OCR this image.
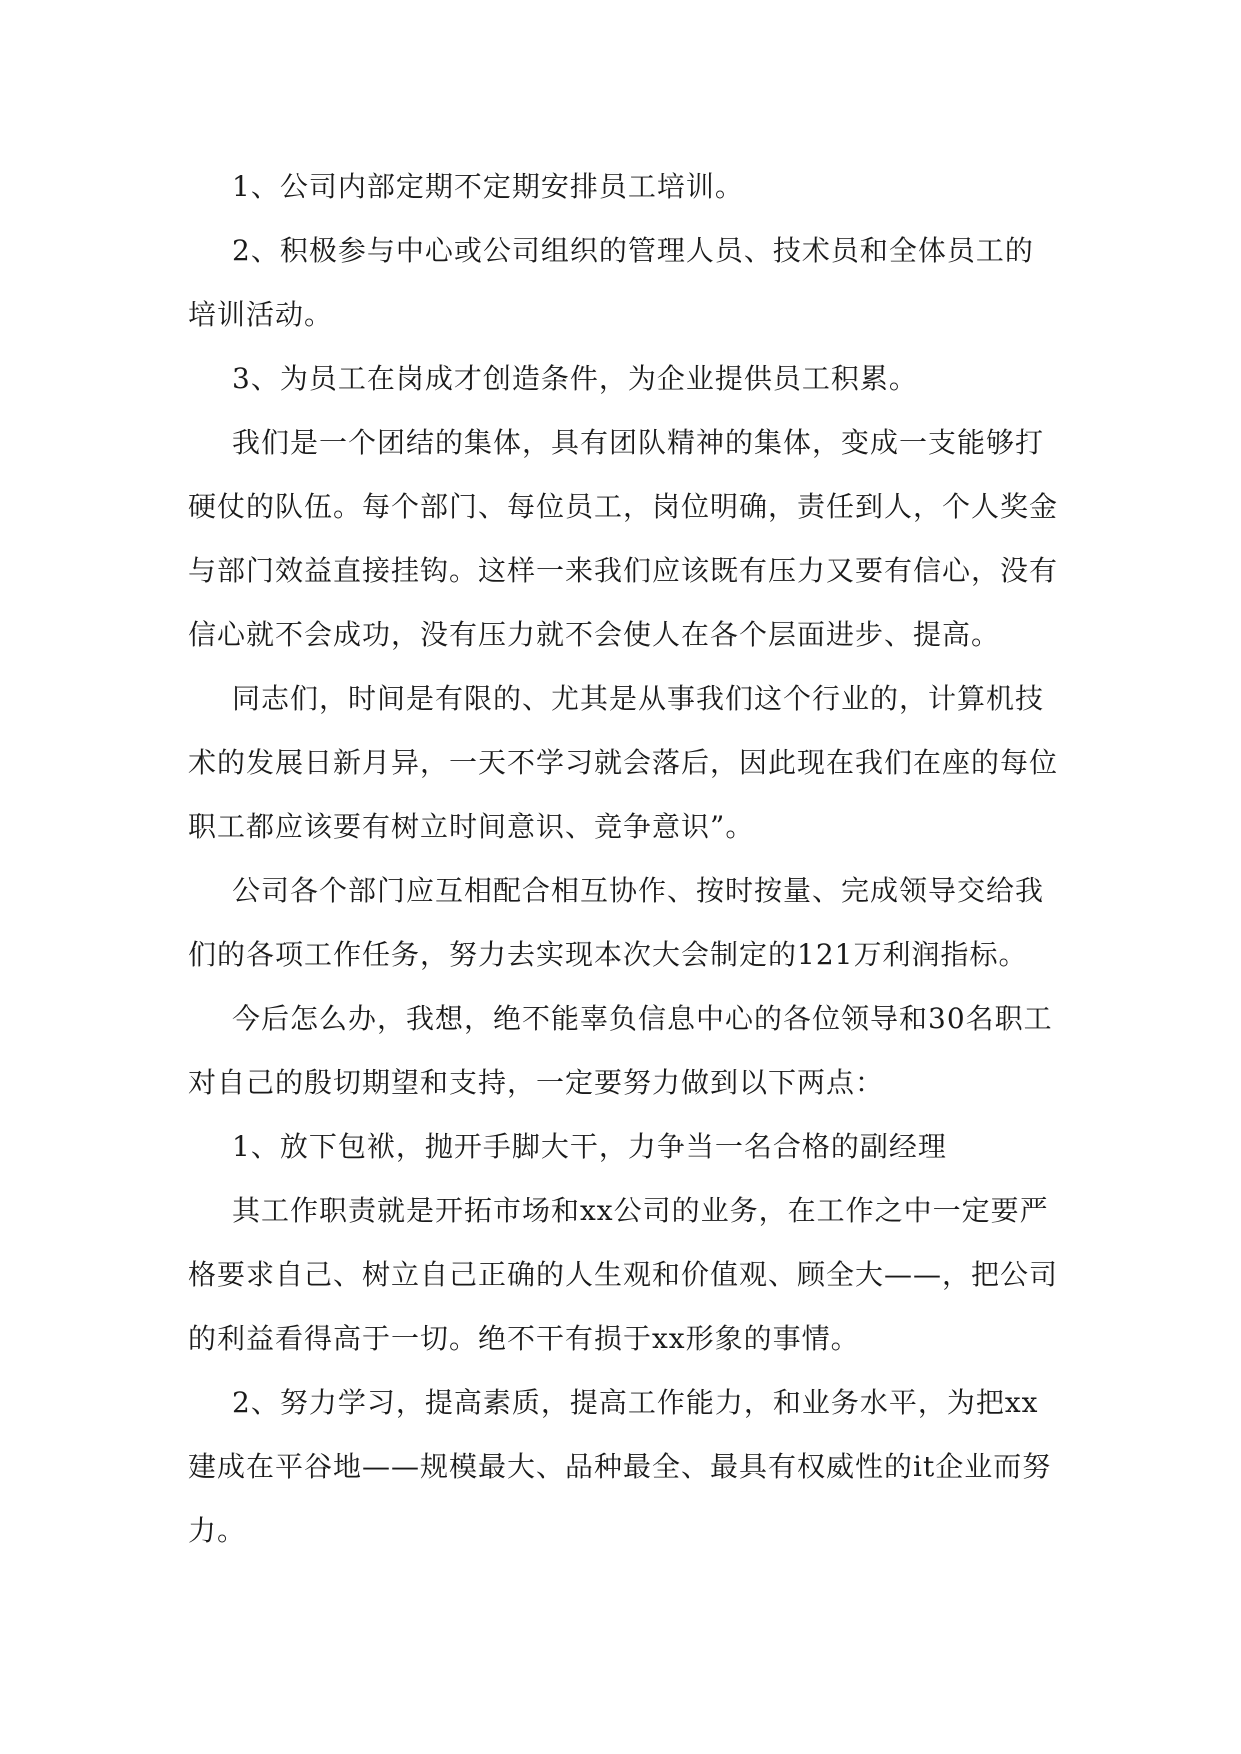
1、公司内部定期不定期安排员工培训。

2、积极参与中心或公司组织的管理人员、技术员和全体员工的培训活动。

3、为员工在岗成才创造条件，为企业提供员工积累。

我们是一个团结的集体，具有团队精神的集体，变成一支能够打硬仗的队伍。每个部门、每位员工，岗位明确，责任到人，个人奖金与部门效益直接挂钩。这样一来我们应该既有压力又要有信心，没有信心就不会成功，没有压力就不会使人在各个层面进步、提高。

同志们，时间是有限的、尤其是从事我们这个行业的，计算机技术的发展日新月异，一天不学习就会落后，因此现在我们在座的每位职工都应该要有树立时间意识、竞争意识”。

公司各个部门应互相配合相互协作、按时按量、完成领导交给我们的各项工作任务，努力去实现本次大会制定的121万利润指标。

今后怎么办，我想，绝不能辜负信息中心的各位领导和30名职工对自己的殷切期望和支持，一定要努力做到以下两点：

1、放下包袱，抛开手脚大干，力争当一名合格的副经理

其工作职责就是开拓市场和xx公司的业务，在工作之中一定要严格要求自己、树立自己正确的人生观和价值观、顾全大——，把公司的利益看得高于一切。绝不干有损于xx形象的事情。

2、努力学习，提高素质，提高工作能力，和业务水平，为把xx建成在平谷地——规模最大、品种最全、最具有权威性的it企业而努力。
